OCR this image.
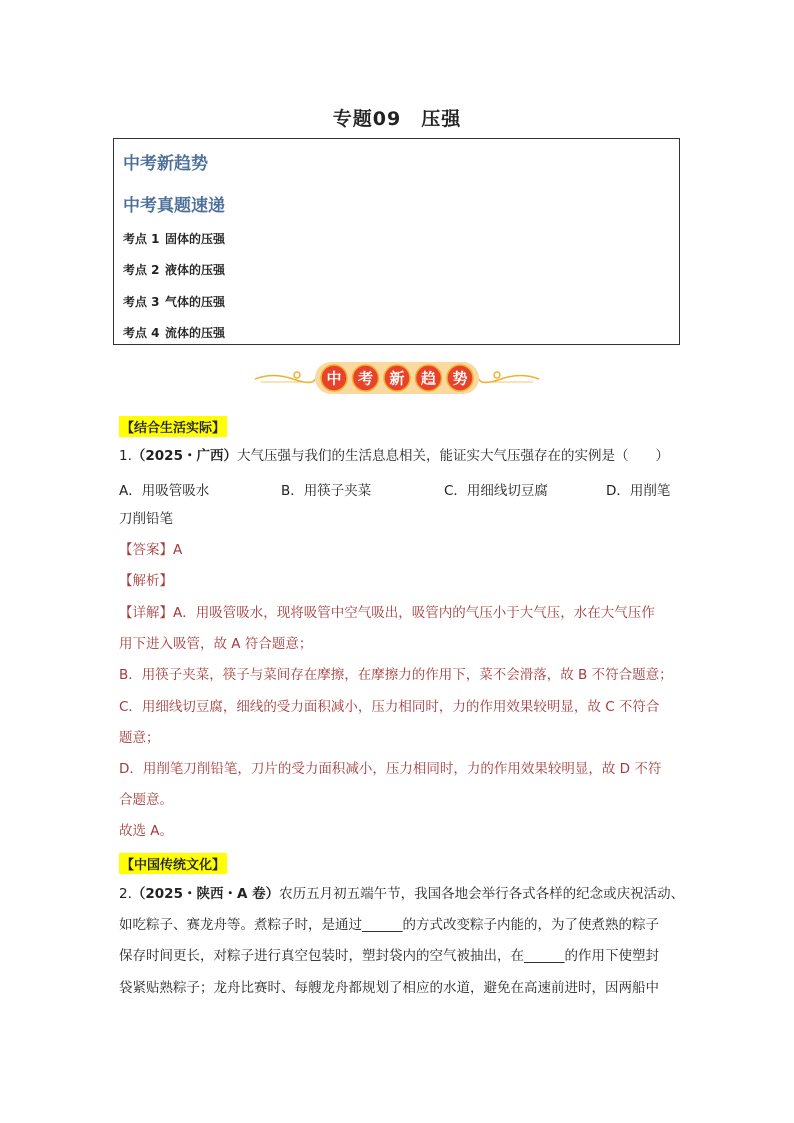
专题09　压强
中考新趋势
中考真题速递
考点 1 固体的压强
考点 2 液体的压强
考点 3 气体的压强
考点 4 流体的压强
中 考 新 趋 势
【结合生活实际】
1.（2025・广西）大气压强与我们的生活息息相关，能证实大气压强存在的实例是（　　）
A．用吸管吸水	B．用筷子夹菜	C．用细线切豆腐	D．用削笔
刀削铅笔
【答案】A
【解析】
【详解】A．用吸管吸水，现将吸管中空气吸出，吸管内的气压小于大气压，水在大气压作
用下进入吸管，故 A 符合题意；
B．用筷子夹菜，筷子与菜间存在摩擦，在摩擦力的作用下，菜不会滑落，故 B 不符合题意；
C．用细线切豆腐，细线的受力面积减小，压力相同时，力的作用效果较明显，故 C 不符合
题意；
D．用削笔刀削铅笔，刀片的受力面积减小，压力相同时，力的作用效果较明显，故 D 不符
合题意。
故选 A。
【中国传统文化】
2.（2025・陕西・A 卷）农历五月初五端午节，我国各地会举行各式各样的纪念或庆祝活动、
如吃粽子、赛龙舟等。煮粽子时，是通过______的方式改变粽子内能的，为了使煮熟的粽子
保存时间更长，对粽子进行真空包装时，塑封袋内的空气被抽出，在______的作用下使塑封
袋紧贴熟粽子；龙舟比赛时、每艘龙舟都规划了相应的水道，避免在高速前进时，因两船中
